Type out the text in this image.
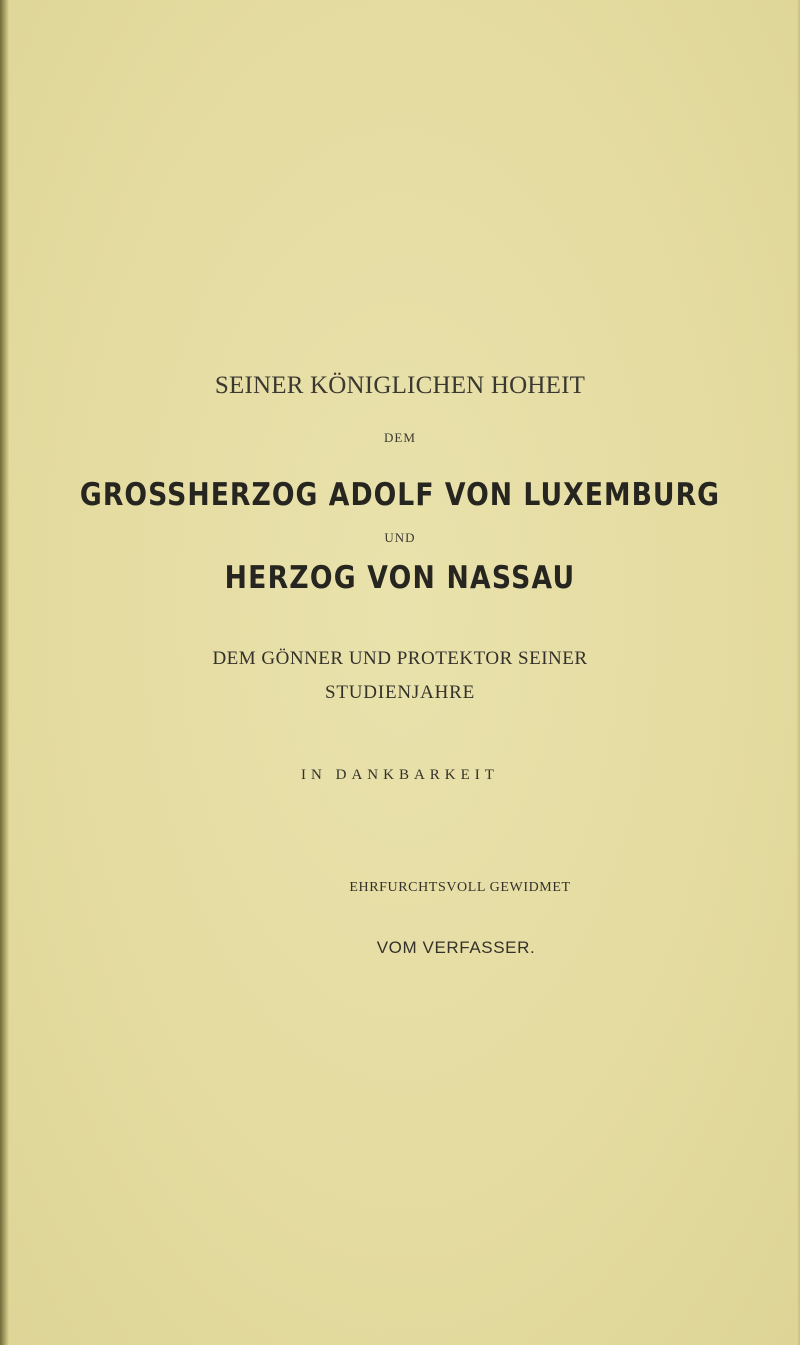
SEINER KÖNIGLICHEN HOHEIT

DEM

GROSSHERZOG ADOLF VON LUXEMBURG

UND

HERZOG VON NASSAU

DEM GÖNNER UND PROTEKTOR SEINER

STUDIENJAHRE

IN DANKBARKEIT

EHRFURCHTSVOLL GEWIDMET

VOM VERFASSER.
